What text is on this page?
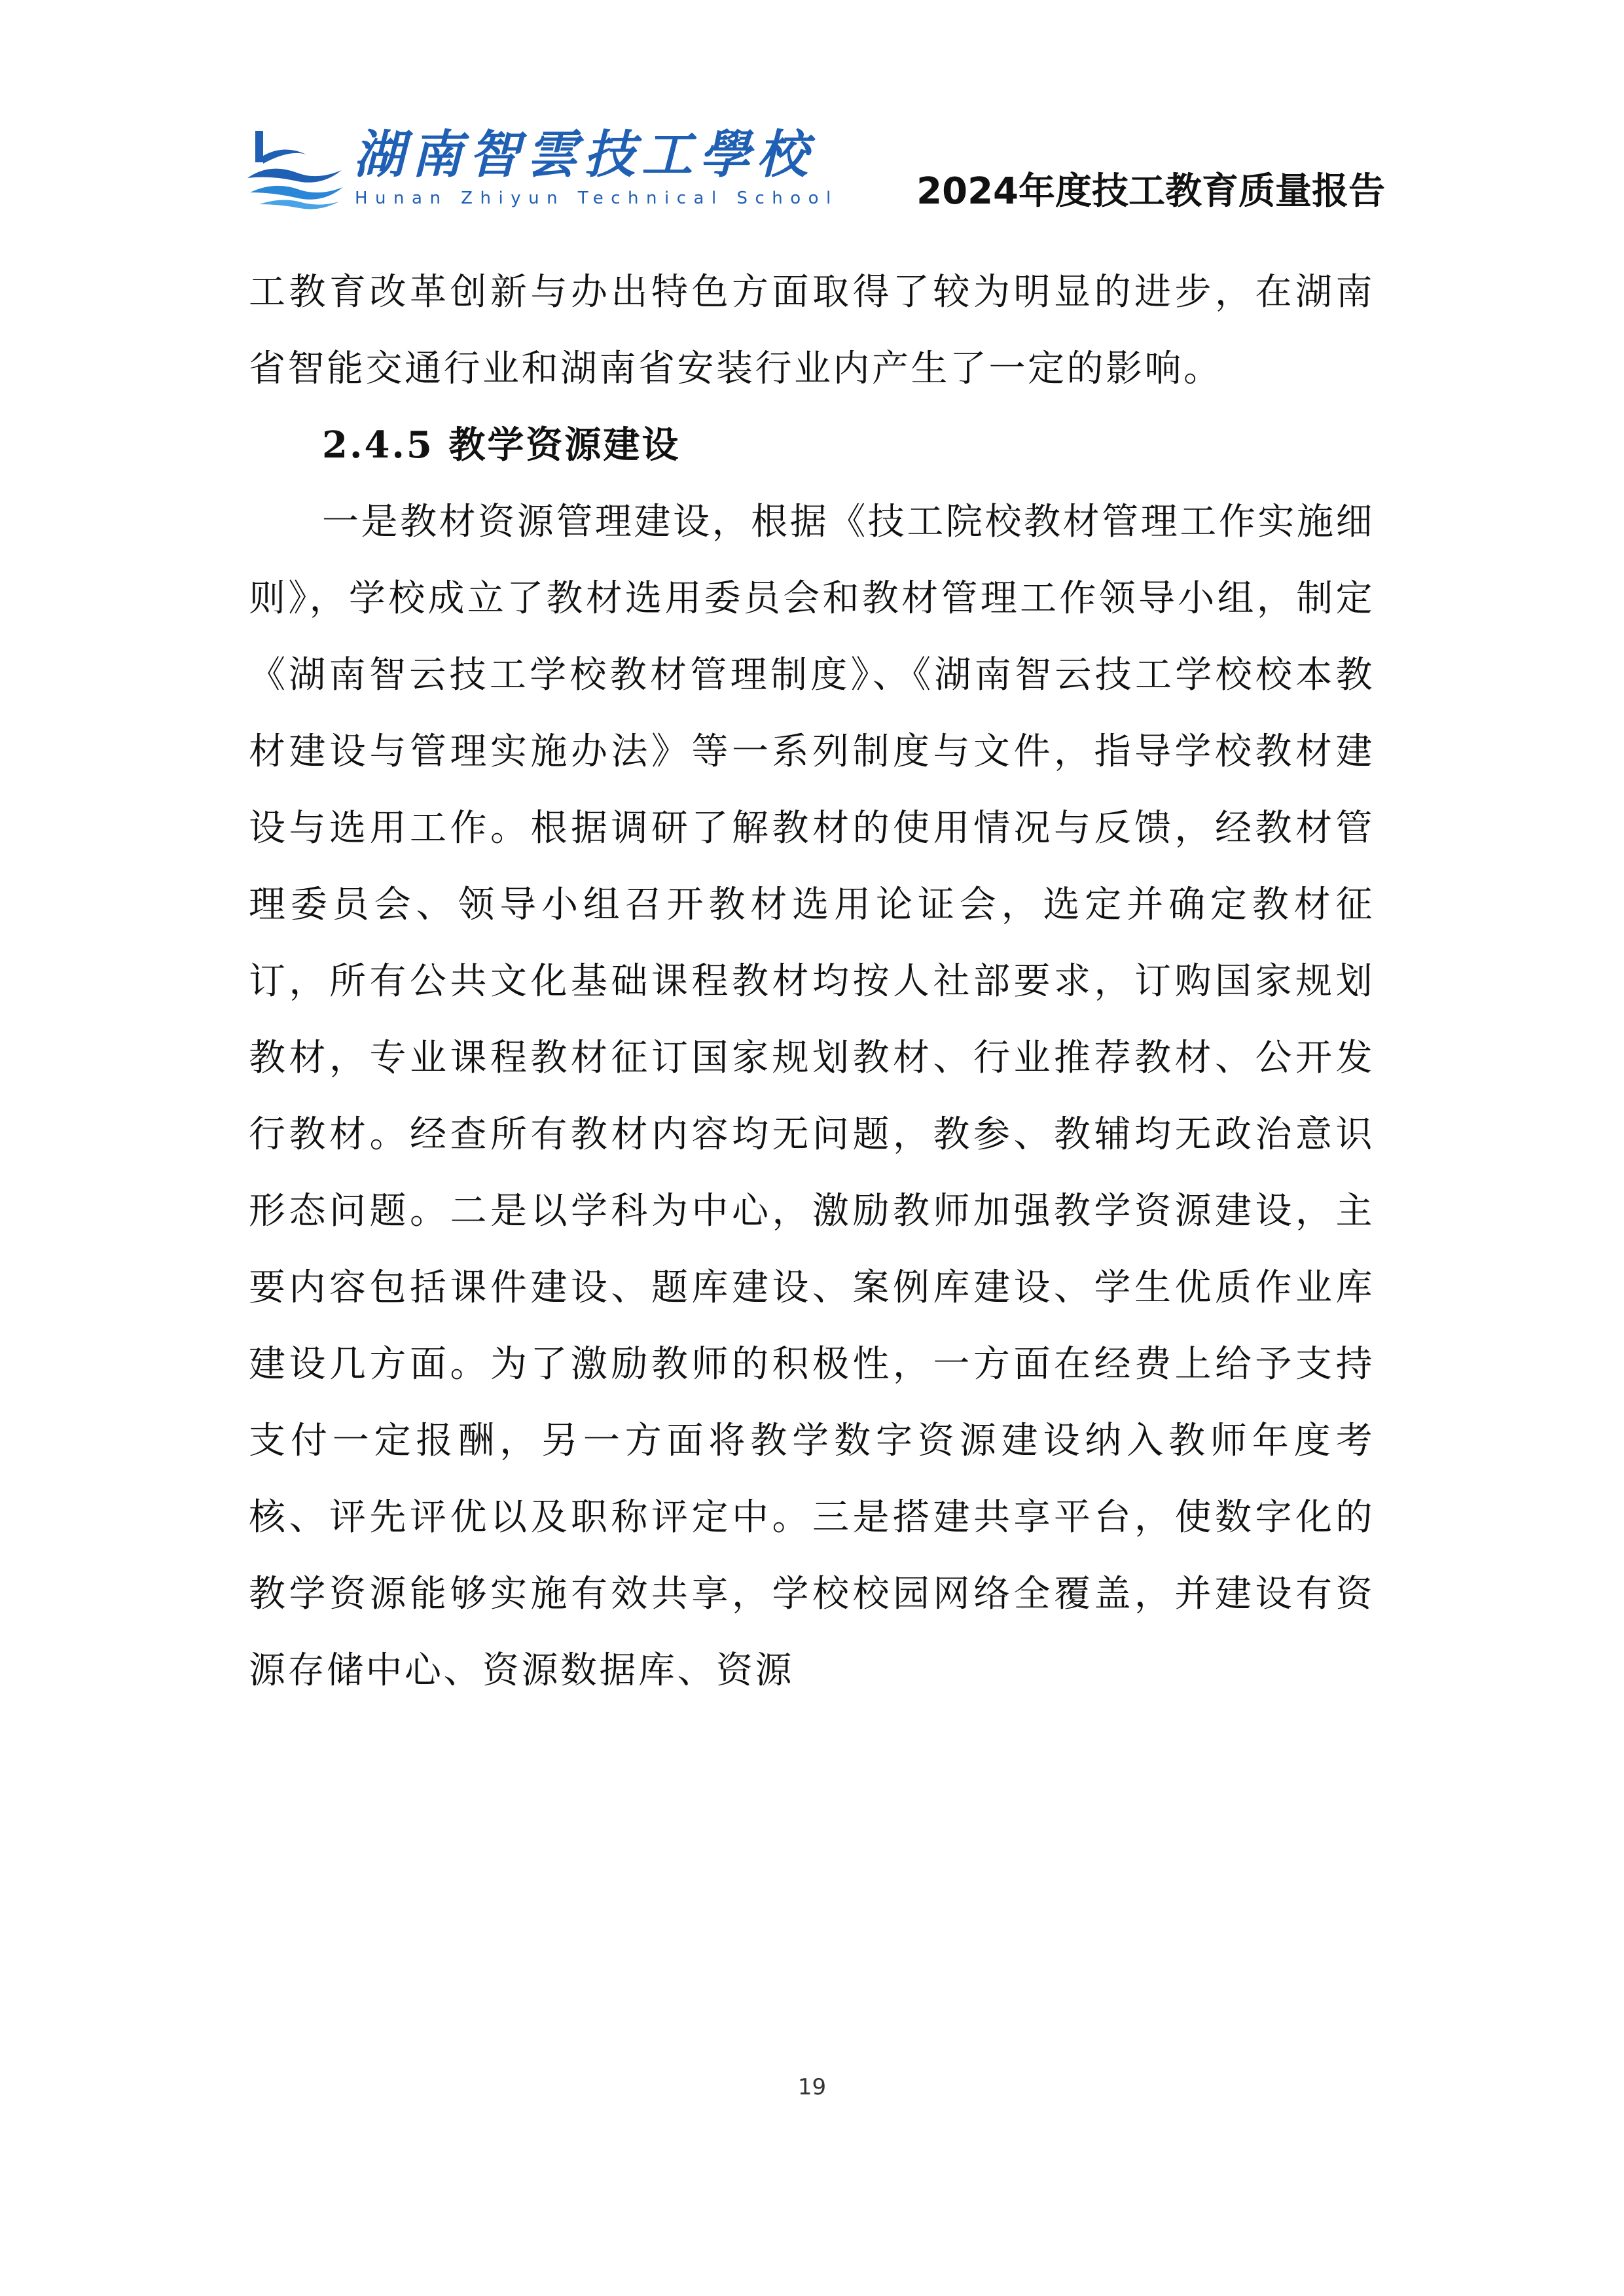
湖南智雲技工學校
Hunan Zhiyun Technical School 2024年度技工教育质量报告

工教育改革创新与办出特色方面取得了较为明显的进步，在湖南省智能交通行业和湖南省安装行业内产生了一定的影响。

2.4.5 教学资源建设

一是教材资源管理建设，根据《技工院校教材管理工作实施细则》，学校成立了教材选用委员会和教材管理工作领导小组，制定《湖南智云技工学校教材管理制度》、《湖南智云技工学校校本教材建设与管理实施办法》等一系列制度与文件，指导学校教材建设与选用工作。根据调研了解教材的使用情况与反馈，经教材管理委员会、领导小组召开教材选用论证会，选定并确定教材征订，所有公共文化基础课程教材均按人社部要求，订购国家规划教材，专业课程教材征订国家规划教材、行业推荐教材、公开发行教材。经查所有教材内容均无问题，教参、教辅均无政治意识形态问题。二是以学科为中心，激励教师加强教学资源建设，主要内容包括课件建设、题库建设、案例库建设、学生优质作业库建设几方面。为了激励教师的积极性，一方面在经费上给予支持支付一定报酬，另一方面将教学数字资源建设纳入教师年度考核、评先评优以及职称评定中。三是搭建共享平台，使数字化的教学资源能够实施有效共享，学校校园网络全覆盖，并建设有资源存储中心、资源数据库、资源

19
